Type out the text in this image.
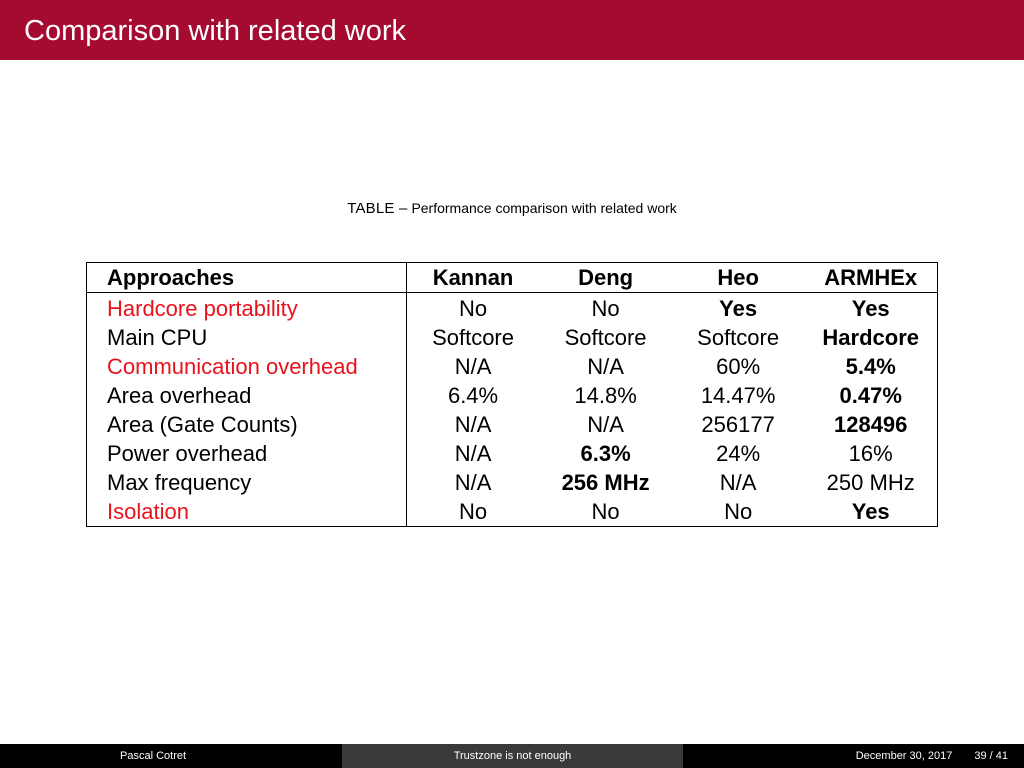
Comparison with related work
TABLE – Performance comparison with related work
Approaches	Kannan	Deng	Heo	ARMHEx
Hardcore portability	No	No	Yes	Yes
Main CPU	Softcore	Softcore	Softcore	Hardcore
Communication overhead	N/A	N/A	60%	5.4%
Area overhead	6.4%	14.8%	14.47%	0.47%
Area (Gate Counts)	N/A	N/A	256177	128496
Power overhead	N/A	6.3%	24%	16%
Max frequency	N/A	256 MHz	N/A	250 MHz
Isolation	No	No	No	Yes
Pascal Cotret	Trustzone is not enough	December 30, 2017 39 / 41
